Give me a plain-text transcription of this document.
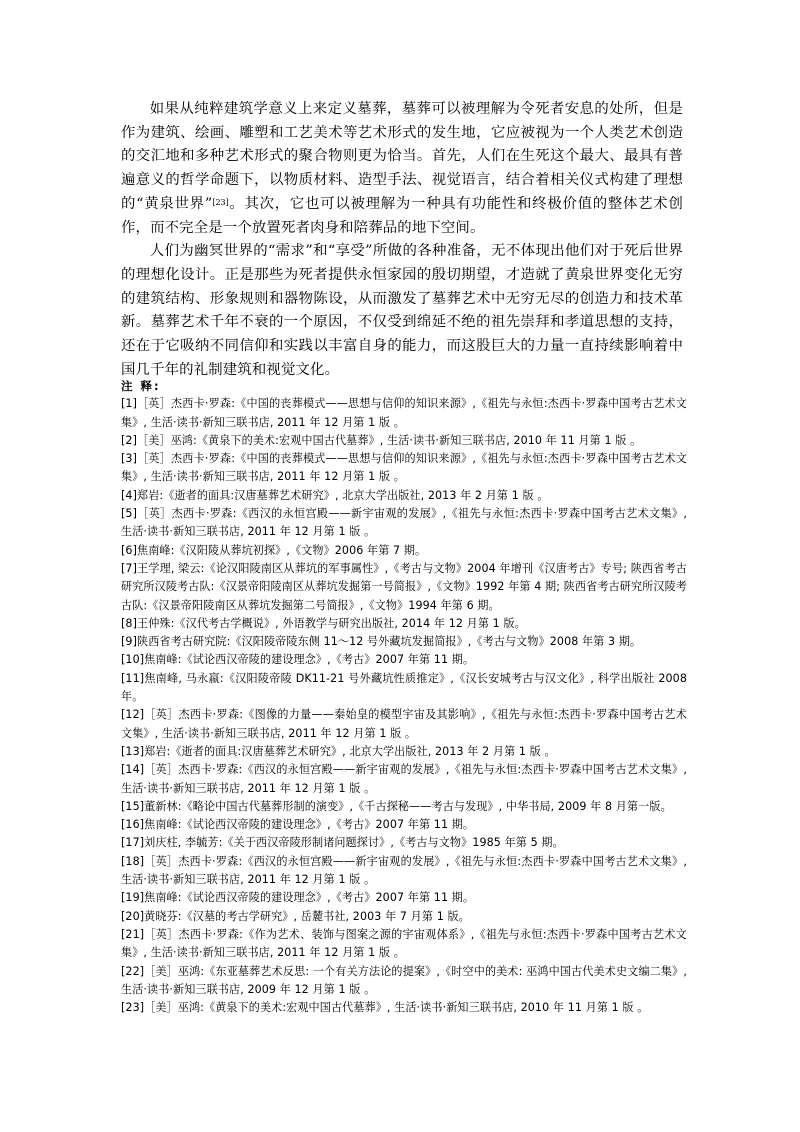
如果从纯粹建筑学意义上来定义墓葬，墓葬可以被理解为令死者安息的处所，但是作为建筑、绘画、雕塑和工艺美术等艺术形式的发生地，它应被视为一个人类艺术创造的交汇地和多种艺术形式的聚合物则更为恰当。首先，人们在生死这个最大、最具有普遍意义的哲学命题下，以物质材料、造型手法、视觉语言，结合着相关仪式构建了理想的“黄泉世界”[23]。其次，它也可以被理解为一种具有功能性和终极价值的整体艺术创作，而不完全是一个放置死者肉身和陪葬品的地下空间。

人们为幽冥世界的“需求”和“享受”所做的各种准备，无不体现出他们对于死后世界的理想化设计。正是那些为死者提供永恒家园的殷切期望，才造就了黄泉世界变化无穷的建筑结构、形象规则和器物陈设，从而激发了墓葬艺术中无穷无尽的创造力和技术革新。墓葬艺术千年不衰的一个原因，不仅受到绵延不绝的祖先崇拜和孝道思想的支持，还在于它吸纳不同信仰和实践以丰富自身的能力，而这股巨大的力量一直持续影响着中国几千年的礼制建筑和视觉文化。

注 释:

[1]［英］杰西卡·罗森:《中国的丧葬模式——思想与信仰的知识来源》,《祖先与永恒:杰西卡·罗森中国考古艺术文集》, 生活·读书·新知三联书店, 2011 年 12 月第 1 版 。
[2]［美］巫鸿:《黄泉下的美术:宏观中国古代墓葬》, 生活·读书·新知三联书店, 2010 年 11 月第 1 版 。
[3]［英］杰西卡·罗森:《中国的丧葬模式——思想与信仰的知识来源》,《祖先与永恒:杰西卡·罗森中国考古艺术文集》, 生活·读书·新知三联书店, 2011 年 12 月第 1 版 。
[4]郑岩:《逝者的面具:汉唐墓葬艺术研究》, 北京大学出版社, 2013 年 2 月第 1 版 。
[5]［英］杰西卡·罗森:《西汉的永恒宫殿——新宇宙观的发展》,《祖先与永恒:杰西卡·罗森中国考古艺术文集》, 生活·读书·新知三联书店, 2011 年 12 月第 1 版 。
[6]焦南峰:《汉阳陵从葬坑初探》,《文物》2006 年第 7 期。
[7]王学理, 梁云:《论汉阳陵南区从葬坑的军事属性》,《考古与文物》2004 年增刊《汉唐考古》专号; 陕西省考古研究所汉陵考古队:《汉景帝阳陵南区从葬坑发掘第一号简报》,《文物》1992 年第 4 期; 陕西省考古研究所汉陵考古队:《汉景帝阳陵南区从葬坑发掘第二号简报》,《文物》1994 年第 6 期。
[8]王仲殊:《汉代考古学概说》, 外语教学与研究出版社, 2014 年 12 月第 1 版。
[9]陕西省考古研究院:《汉阳陵帝陵东侧 11～12 号外藏坑发掘简报》,《考古与文物》2008 年第 3 期。
[10]焦南峰:《试论西汉帝陵的建设理念》,《考古》2007 年第 11 期。
[11]焦南峰, 马永嬴:《汉阳陵帝陵 DK11-21 号外藏坑性质推定》,《汉长安城考古与汉文化》, 科学出版社 2008 年。
[12]［英］杰西卡·罗森:《图像的力量——秦始皇的模型宇宙及其影响》,《祖先与永恒:杰西卡·罗森中国考古艺术文集》, 生活·读书·新知三联书店, 2011 年 12 月第 1 版 。
[13]郑岩:《逝者的面具:汉唐墓葬艺术研究》, 北京大学出版社, 2013 年 2 月第 1 版 。
[14]［英］杰西卡·罗森:《西汉的永恒宫殿——新宇宙观的发展》,《祖先与永恒:杰西卡·罗森中国考古艺术文集》, 生活·读书·新知三联书店, 2011 年 12 月第 1 版 。
[15]董新林:《略论中国古代墓葬形制的演变》,《千古探秘——考古与发现》, 中华书局, 2009 年 8 月第一版。
[16]焦南峰:《试论西汉帝陵的建设理念》,《考古》2007 年第 11 期。
[17]刘庆柱, 李毓芳:《关于西汉帝陵形制诸问题探讨》,《考古与文物》1985 年第 5 期。
[18]［英］杰西卡·罗森:《西汉的永恒宫殿——新宇宙观的发展》,《祖先与永恒:杰西卡·罗森中国考古艺术文集》, 生活·读书·新知三联书店, 2011 年 12 月第 1 版 。
[19]焦南峰:《试论西汉帝陵的建设理念》,《考古》2007 年第 11 期。
[20]黄晓芬:《汉墓的考古学研究》, 岳麓书社, 2003 年 7 月第 1 版。
[21]［英］杰西卡·罗森:《作为艺术、装饰与图案之源的宇宙观体系》,《祖先与永恒:杰西卡·罗森中国考古艺术文集》, 生活·读书·新知三联书店, 2011 年 12 月第 1 版 。
[22]［美］巫鸿:《东亚墓葬艺术反思: 一个有关方法论的提案》,《时空中的美术: 巫鸿中国古代美术史文编二集》, 生活·读书·新知三联书店, 2009 年 12 月第 1 版 。
[23]［美］巫鸿:《黄泉下的美术:宏观中国古代墓葬》, 生活·读书·新知三联书店, 2010 年 11 月第 1 版 。
